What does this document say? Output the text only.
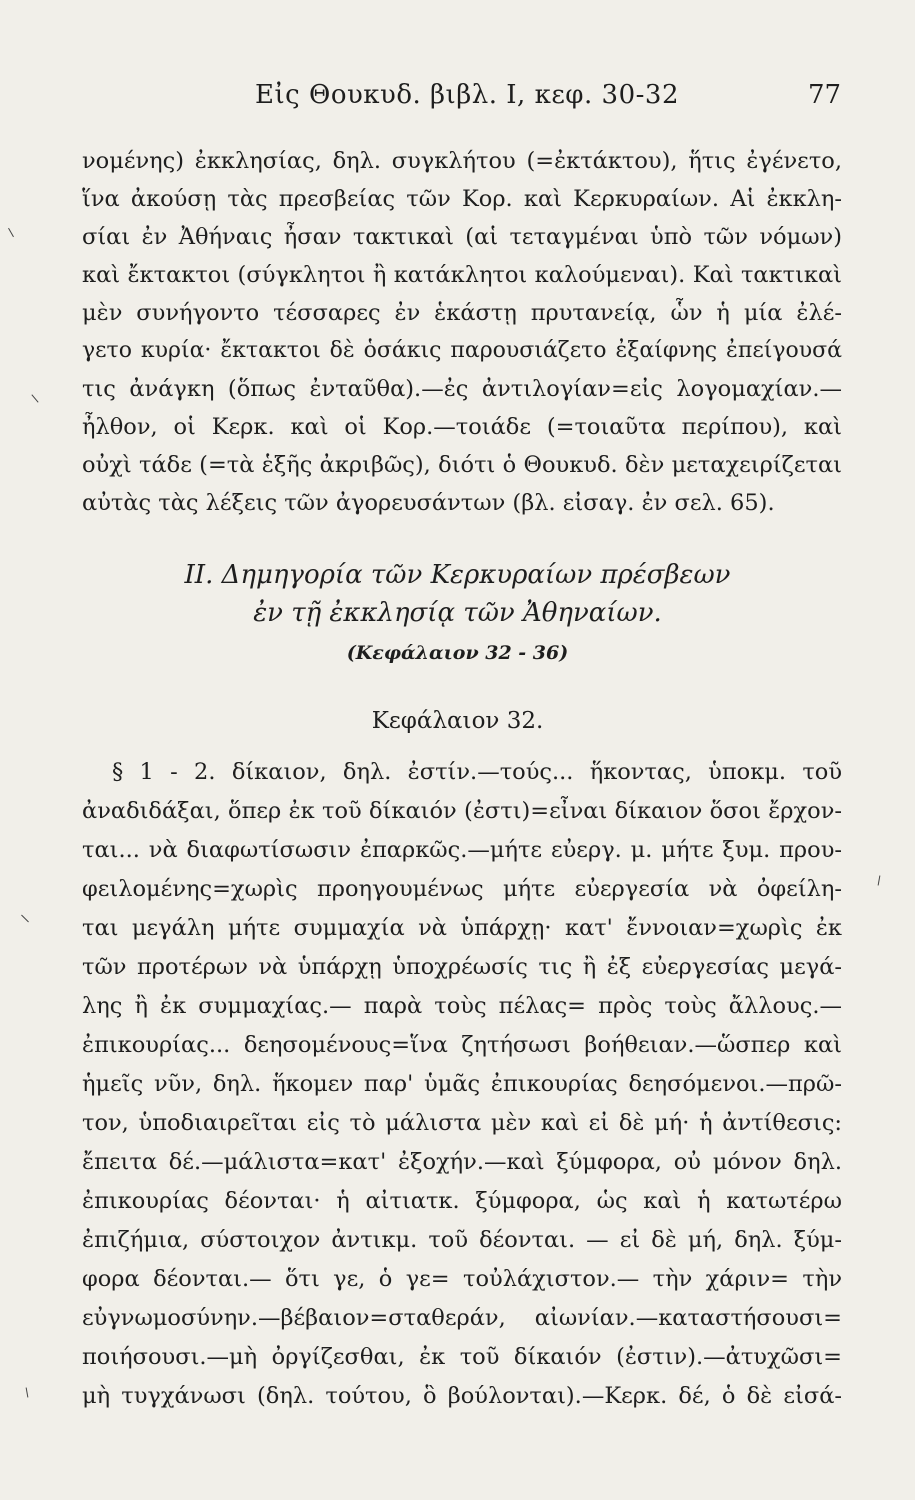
Εἰς Θουκυδ. βιβλ. I, κεφ. 30-32	77
νομένης) ἐκκλησίας, δηλ. συγκλήτου (=ἐκτάκτου), ἥτις ἐγένετο,
ἵνα ἀκούσῃ τὰς πρεσβείας τῶν Κορ. καὶ Κερκυραίων. Αἱ ἐκκλη-
σίαι ἐν Ἀθήναις ἦσαν τακτικαὶ (αἱ τεταγμέναι ὑπὸ τῶν νόμων)
καὶ ἔκτακτοι (σύγκλητοι ἢ κατάκλητοι καλούμεναι). Καὶ τακτικαὶ
μὲν συνήγοντο τέσσαρες ἐν ἑκάστῃ πρυτανείᾳ, ὧν ἡ μία ἐλέ-
γετο κυρία· ἔκτακτοι δὲ ὁσάκις παρουσιάζετο ἐξαίφνης ἐπείγουσά
τις ἀνάγκη (ὅπως ἐνταῦθα).—ἐς ἀντιλογίαν=εἰς λογομαχίαν.—
ἦλθον, οἱ Κερκ. καὶ οἱ Κορ.—τοιάδε (=τοιαῦτα περίπου), καὶ
οὐχὶ τάδε (=τὰ ἑξῆς ἀκριβῶς), διότι ὁ Θουκυδ. δὲν μεταχειρίζεται
αὐτὰς τὰς λέξεις τῶν ἀγορευσάντων (βλ. εἰσαγ. ἐν σελ. 65).
II. Δημηγορία τῶν Κερκυραίων πρέσβεων
ἐν τῇ ἐκκλησίᾳ τῶν Ἀθηναίων.
(Κεφάλαιον 32 - 36)
Κεφάλαιον 32.
§ 1 - 2. δίκαιον, δηλ. ἐστίν.—τούς... ἥκοντας, ὑποκμ. τοῦ
ἀναδιδάξαι, ὅπερ ἐκ τοῦ δίκαιόν (ἐστι)=εἶναι δίκαιον ὅσοι ἔρχον-
ται... νὰ διαφωτίσωσιν ἐπαρκῶς.—μήτε εὐεργ. μ. μήτε ξυμ. πρου-
φειλομένης=χωρὶς προηγουμένως μήτε εὐεργεσία νὰ ὀφείλη-
ται μεγάλη μήτε συμμαχία νὰ ὑπάρχῃ· κατ' ἔννοιαν=χωρὶς ἐκ
τῶν προτέρων νὰ ὑπάρχῃ ὑποχρέωσίς τις ἢ ἐξ εὐεργεσίας μεγά-
λης ἢ ἐκ συμμαχίας.— παρὰ τοὺς πέλας= πρὸς τοὺς ἄλλους.—
ἐπικουρίας... δεησομένους=ἵνα ζητήσωσι βοήθειαν.—ὥσπερ καὶ
ἡμεῖς νῦν, δηλ. ἥκομεν παρ' ὑμᾶς ἐπικουρίας δεησόμενοι.—πρῶ-
τον, ὑποδιαιρεῖται εἰς τὸ μάλιστα μὲν καὶ εἰ δὲ μή· ἡ ἀντίθεσις:
ἔπειτα δέ.—μάλιστα=κατ' ἐξοχήν.—καὶ ξύμφορα, οὐ μόνον δηλ.
ἐπικουρίας δέονται· ἡ αἰτιατκ. ξύμφορα, ὡς καὶ ἡ κατωτέρω
ἐπιζήμια, σύστοιχον ἀντικμ. τοῦ δέονται. — εἰ δὲ μή, δηλ. ξύμ-
φορα δέονται.— ὅτι γε, ὁ γε= τοὐλάχιστον.— τὴν χάριν= τὴν
εὐγνωμοσύνην.—βέβαιον=σταθεράν, αἰωνίαν.—καταστήσουσι=
ποιήσουσι.—μὴ ὀργίζεσθαι, ἐκ τοῦ δίκαιόν (ἐστιν).—ἀτυχῶσι=
μὴ τυγχάνωσι (δηλ. τούτου, ὃ βούλονται).—Κερκ. δέ, ὁ δὲ εἰσά-
